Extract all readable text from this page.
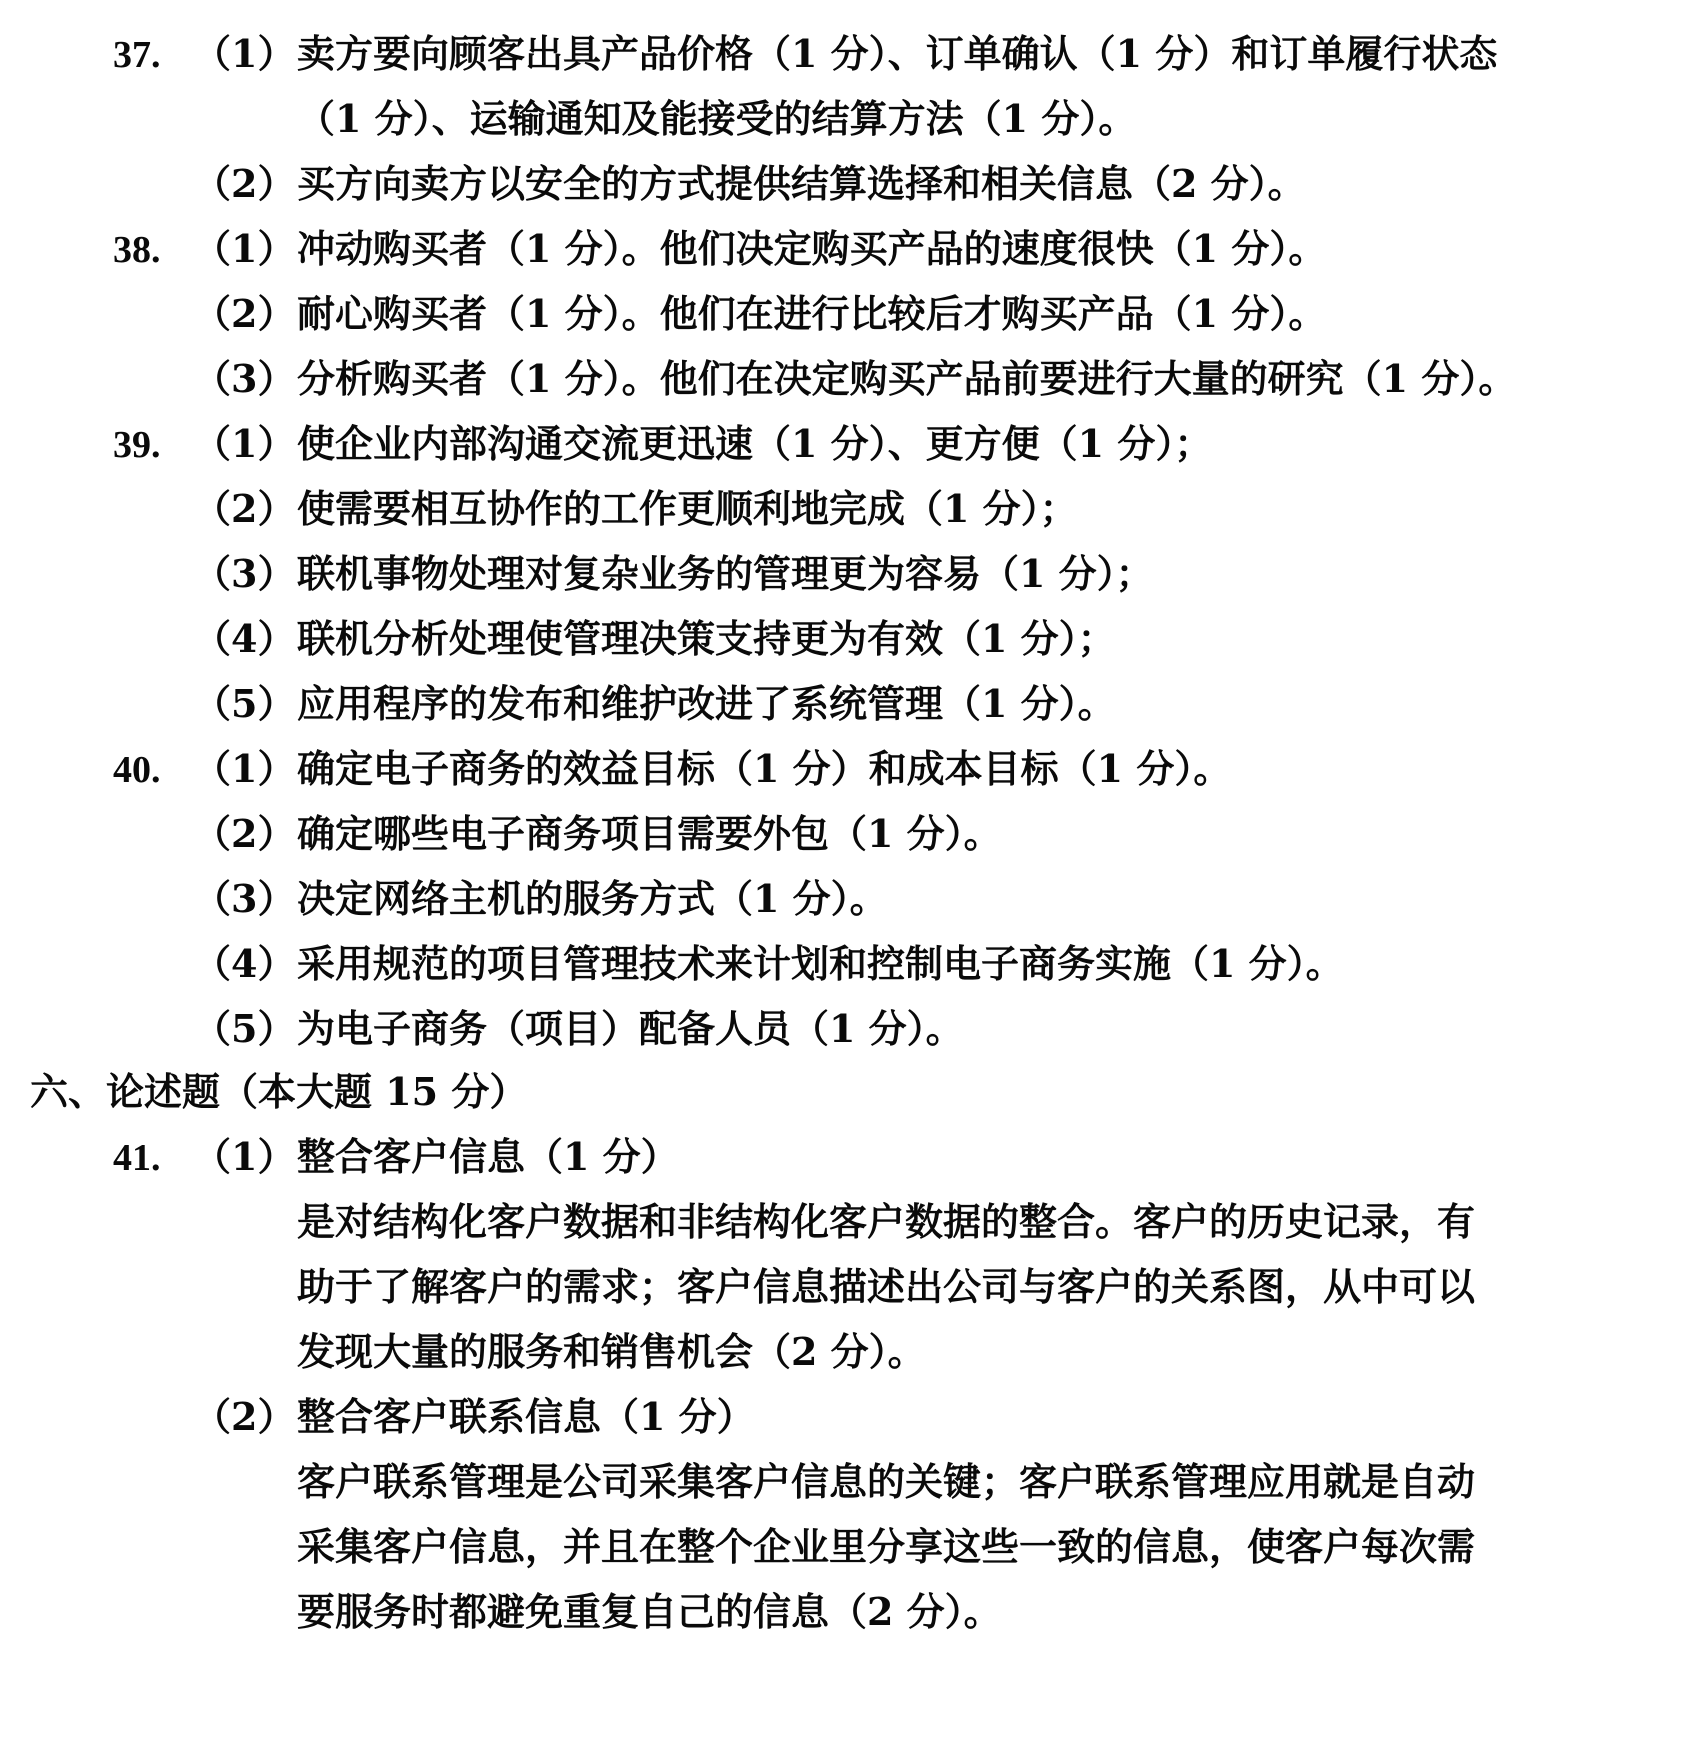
37. （1）卖方要向顾客出具产品价格（1 分）、订单确认（1 分）和订单履行状态
（1 分）、运输通知及能接受的结算方法（1 分）。
（2）买方向卖方以安全的方式提供结算选择和相关信息（2 分）。
38. （1）冲动购买者（1 分）。他们决定购买产品的速度很快（1 分）。
（2）耐心购买者（1 分）。他们在进行比较后才购买产品（1 分）。
（3）分析购买者（1 分）。他们在决定购买产品前要进行大量的研究（1 分）。
39. （1）使企业内部沟通交流更迅速（1 分）、更方便（1 分）；
（2）使需要相互协作的工作更顺利地完成（1 分）；
（3）联机事物处理对复杂业务的管理更为容易（1 分）；
（4）联机分析处理使管理决策支持更为有效（1 分）；
（5）应用程序的发布和维护改进了系统管理（1 分）。
40. （1）确定电子商务的效益目标（1 分）和成本目标（1 分）。
（2）确定哪些电子商务项目需要外包（1 分）。
（3）决定网络主机的服务方式（1 分）。
（4）采用规范的项目管理技术来计划和控制电子商务实施（1 分）。
（5）为电子商务（项目）配备人员（1 分）。
六、论述题（本大题 15 分）
41. （1）整合客户信息（1 分）
是对结构化客户数据和非结构化客户数据的整合。客户的历史记录，有
助于了解客户的需求；客户信息描述出公司与客户的关系图，从中可以
发现大量的服务和销售机会（2 分）。
（2）整合客户联系信息（1 分）
客户联系管理是公司采集客户信息的关键；客户联系管理应用就是自动
采集客户信息，并且在整个企业里分享这些一致的信息，使客户每次需
要服务时都避免重复自己的信息（2 分）。
